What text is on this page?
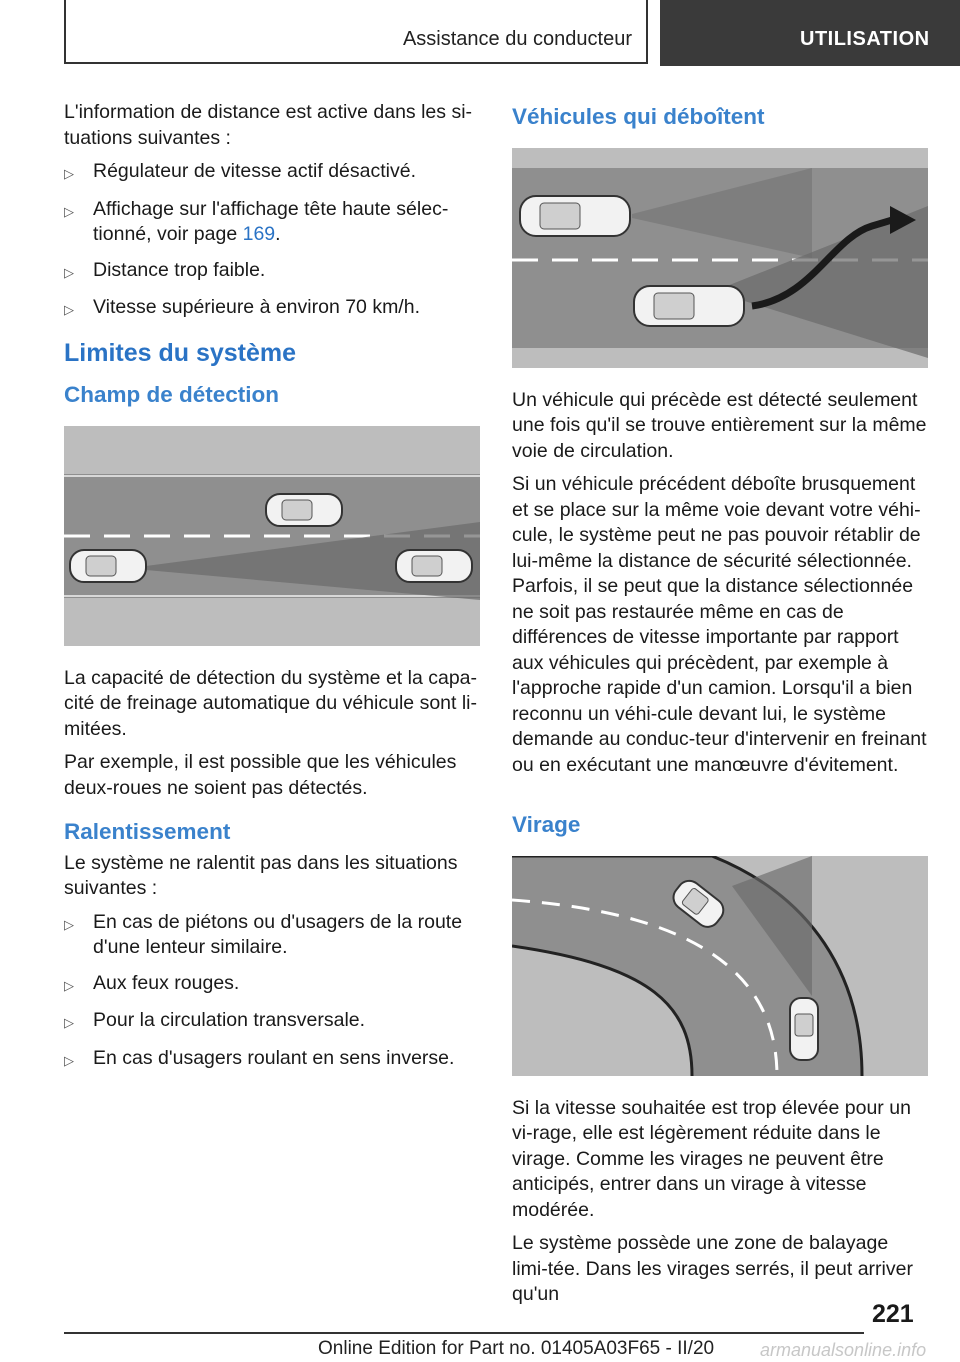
Assistance du conducteur	UTILISATION

L'information de distance est active dans les si-tuations suivantes :

▷ Régulateur de vitesse actif désactivé.
▷ Affichage sur l'affichage tête haute sélec-tionné, voir page 169.
▷ Distance trop faible.
▷ Vitesse supérieure à environ 70 km/h.
Limites du système
Champ de détection

La capacité de détection du système et la capa-cité de freinage automatique du véhicule sont li-mitées.

Par exemple, il est possible que les véhicules deux-roues ne soient pas détectés.

Ralentissement

Le système ne ralentit pas dans les situations suivantes :

▷ En cas de piétons ou d'usagers de la route d'une lenteur similaire.
▷ Aux feux rouges.
▷ Pour la circulation transversale.
▷ En cas d'usagers roulant en sens inverse.
Véhicules qui déboîtent

Un véhicule qui précède est détecté seulement une fois qu'il se trouve entièrement sur la même voie de circulation.

Si un véhicule précédent déboîte brusquement et se place sur la même voie devant votre véhi-cule, le système peut ne pas pouvoir rétablir de lui-même la distance de sécurité sélectionnée. Parfois, il se peut que la distance sélectionnée ne soit pas restaurée même en cas de différences de vitesse importante par rapport aux véhicules qui précèdent, par exemple à l'approche rapide d'un camion. Lorsqu'il a bien reconnu un véhi-cule devant lui, le système demande au conduc-teur d'intervenir en freinant ou en exécutant une manœuvre d'évitement.

Virage

Si la vitesse souhaitée est trop élevée pour un vi-rage, elle est légèrement réduite dans le virage. Comme les virages ne peuvent être anticipés, entrer dans un virage à vitesse modérée.

Le système possède une zone de balayage limi-tée. Dans les virages serrés, il peut arriver qu'un

221
Online Edition for Part no. 01405A03F65 - II/20	armanualsonline.info
